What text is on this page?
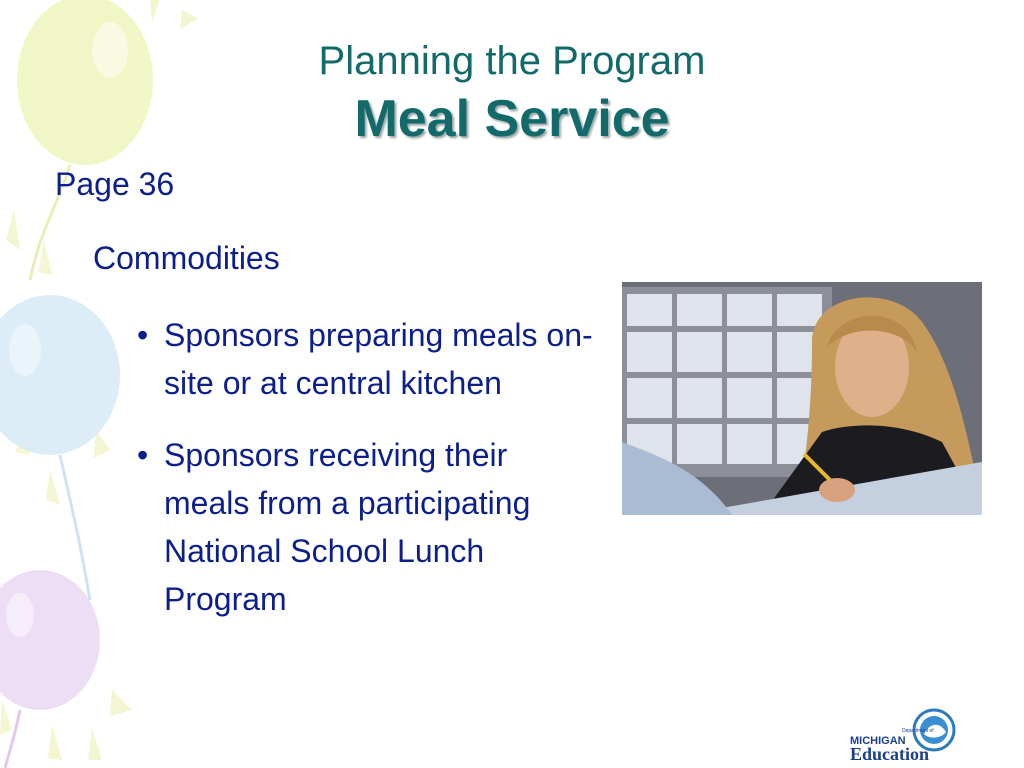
Planning the Program
Meal Service
Page 36
Commodities
• Sponsors preparing meals on-site or at central kitchen
• Sponsors receiving their meals from a participating National School Lunch Program
Department of
MICHIGAN
Education
